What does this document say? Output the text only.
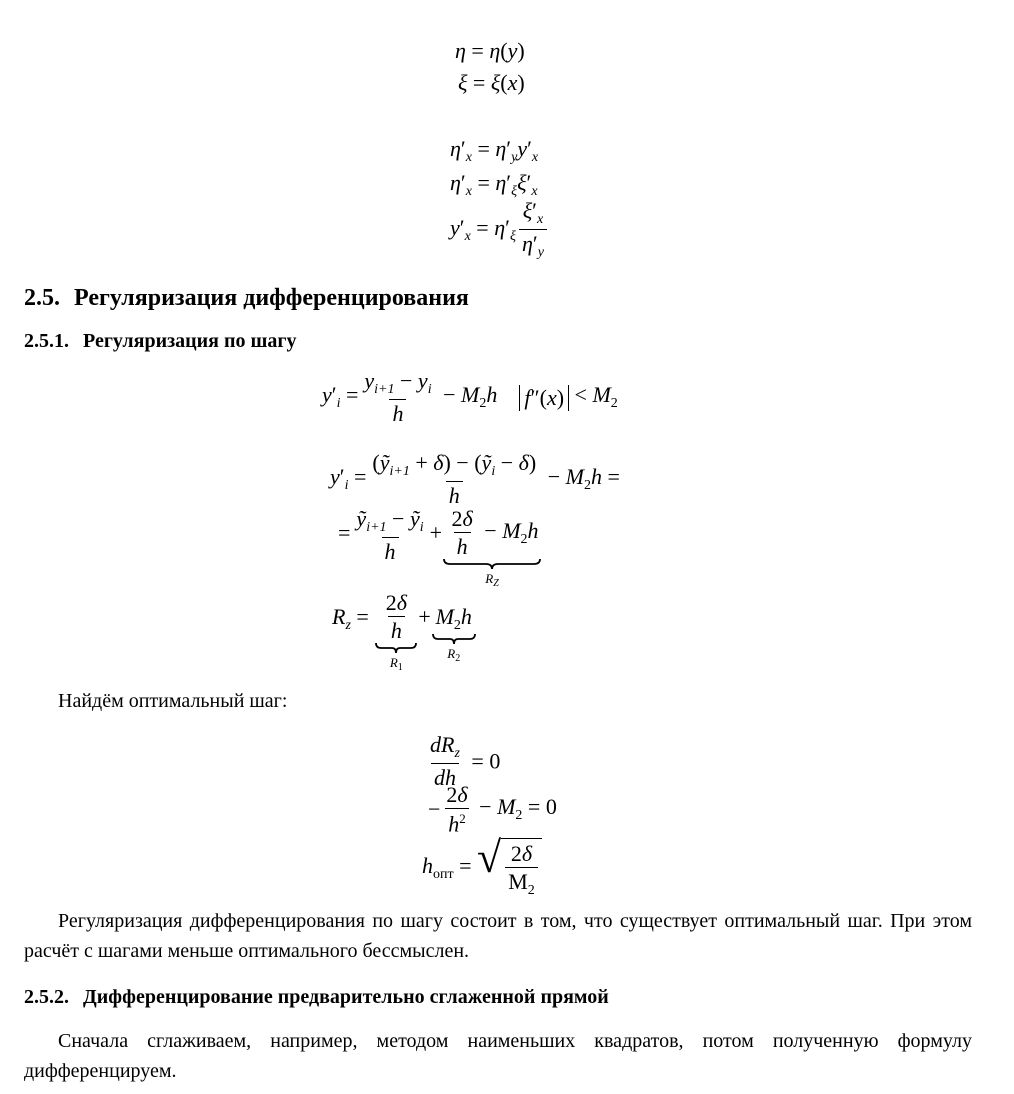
η = η(y)
ξ = ξ(x)
$\eta'_x = \eta'_yy'_x$
$\eta'_x = \eta'_\xi\xi'_x$
$y'_x = \eta'_\xi \frac{\xi'_x}{\eta'_y}$
2.5. Регуляризация дифференцирования
2.5.1. Регуляризация по шагу
$y'_i = \frac{y_{i+1} - y_i}{h} - M_2h$ $f''(x) < M_2$
$y'_i = \frac{(ỹ_{i+1} + \delta) - (ỹ_i - \delta)}{h} - M_2h$ =
= $\frac{ỹ_{i+1} - ỹ_i}{h} + \frac{2\delta}{h} - M_2h$
$R_Z$
$R_z = \frac{2\delta}{h}$
$R_1$
+ $M_2h$
$R_2$

Найдём оптимальный шаг:

$\frac{dR_z}{dh} = 0$
− $\frac{2\delta}{h^2} - M_2 = 0$
$h_{опт}$ = √ $\frac{2\delta}{M_2}$

Регуляризация дифференцирования по шагу состоит в том, что существует оптимальный шаг. При этом расчёт с шагами меньше оптимального бессмыслен.

2.5.2. Дифференцирование предварительно сглаженной прямой

Сначала сглаживаем, например, методом наименьших квадратов, потом полученную формулу дифференцируем.
